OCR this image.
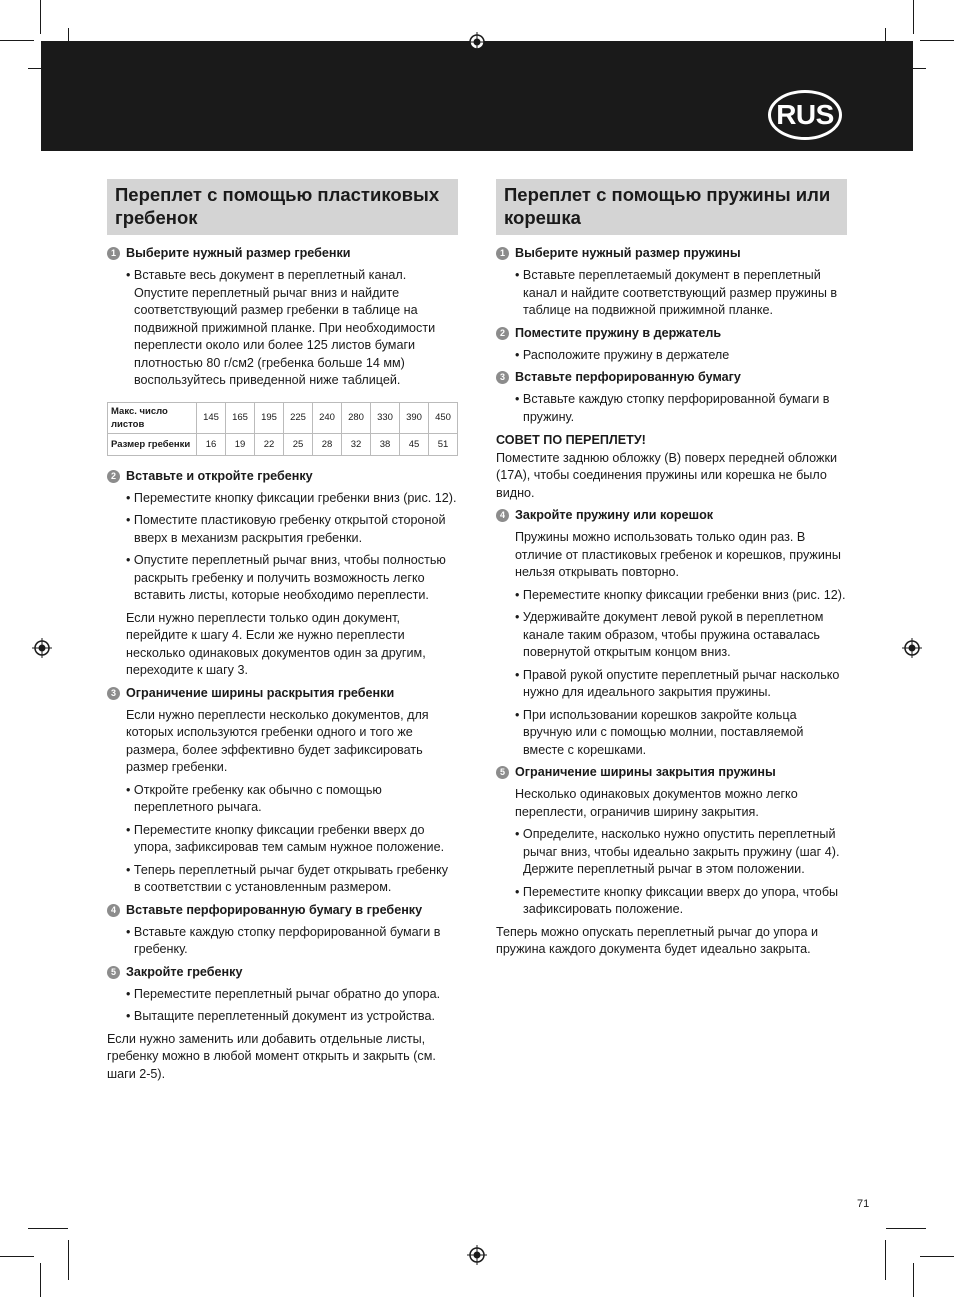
RUS
Переплет с помощью пластиковых гребенок
1 Выберите нужный размер гребенки
• Вставьте весь документ в переплетный канал. Опустите переплетный рычаг вниз и найдите соответствующий размер гребенки в таблице на подвижной прижимной планке. При необходимости переплести около или более 125 листов бумаги плотностью 80 г/см2 (гребенка больше 14 мм) воспользуйтесь приведенной ниже таблицей.
Макс. число листов	145	165	195	225	240	280	330	390	450
Размер гребенки	16	19	22	25	28	32	38	45	51
2 Вставьте и откройте гребенку
• Переместите кнопку фиксации гребенки вниз (рис. 12).
• Поместите пластиковую гребенку открытой стороной вверх в механизм раскрытия гребенки.
• Опустите переплетный рычаг вниз, чтобы полностью раскрыть гребенку и получить возможность легко вставить листы, которые необходимо переплести.
Если нужно переплести только один документ, перейдите к шагу 4. Если же нужно переплести несколько одинаковых документов один за другим, переходите к шагу 3.
3 Ограничение ширины раскрытия гребенки
Если нужно переплести несколько документов, для которых используются гребенки одного и того же размера, более эффективно будет зафиксировать размер гребенки.
• Откройте гребенку как обычно с помощью переплетного рычага.
• Переместите кнопку фиксации гребенки вверх до упора, зафиксировав тем самым нужное положение.
• Теперь переплетный рычаг будет открывать гребенку в соответствии с установленным размером.
4 Вставьте перфорированную бумагу в гребенку
• Вставьте каждую стопку перфорированной бумаги в гребенку.
5 Закройте гребенку
• Переместите переплетный рычаг обратно до упора.
• Вытащите переплетенный документ из устройства.
Если нужно заменить или добавить отдельные листы, гребенку можно в любой момент открыть и закрыть (см. шаги 2-5).
Переплет с помощью пружины или корешка
1 Выберите нужный размер пружины
• Вставьте переплетаемый документ в переплетный канал и найдите соответствующий размер пружины в таблице на подвижной прижимной планке.
2 Поместите пружину в держатель
• Расположите пружину в держателе
3 Вставьте перфорированную бумагу
• Вставьте каждую стопку перфорированной бумаги в пружину.
СОВЕТ ПО ПЕРЕПЛЕТУ!
Поместите заднюю обложку (B) поверх передней обложки (17A), чтобы соединения пружины или корешка не было видно.
4 Закройте пружину или корешок
Пружины можно использовать только один раз. В отличие от пластиковых гребенок и корешков, пружины нельзя открывать повторно.
• Переместите кнопку фиксации гребенки вниз (рис. 12).
• Удерживайте документ левой рукой в переплетном канале таким образом, чтобы пружина оставалась повернутой открытым концом вниз.
• Правой рукой опустите переплетный рычаг насколько нужно для идеального закрытия пружины.
• При использовании корешков закройте кольца вручную или с помощью молнии, поставляемой вместе с корешками.
5 Ограничение ширины закрытия пружины
Несколько одинаковых документов можно легко переплести, ограничив ширину закрытия.
• Определите, насколько нужно опустить переплетный рычаг вниз, чтобы идеально закрыть пружину (шаг 4). Держите переплетный рычаг в этом положении.
• Переместите кнопку фиксации вверх до упора, чтобы зафиксировать положение.
Теперь можно опускать переплетный рычаг до упора и пружина каждого документа будет идеально закрыта.
71
